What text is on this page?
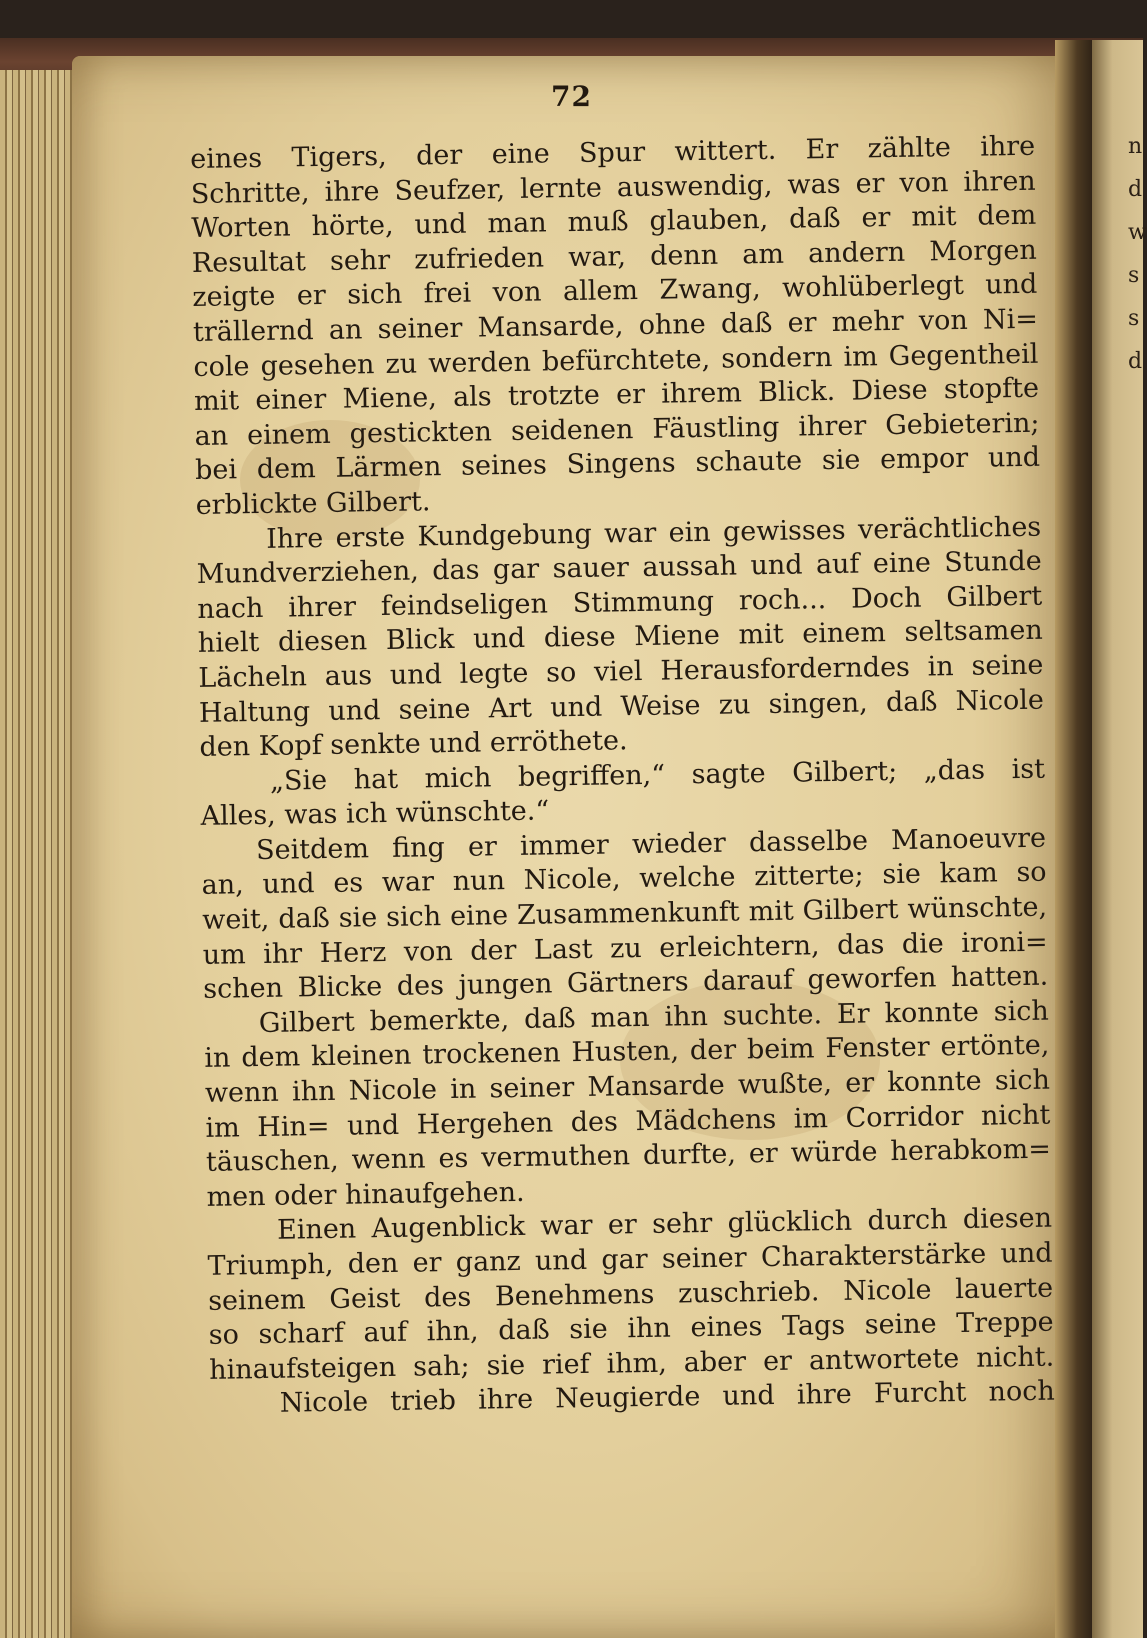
n
d
w
s
s
d
72
eines Tigers, der eine Spur wittert. Er zählte ihre
Schritte, ihre Seufzer, lernte auswendig, was er von ihren
Worten hörte, und man muß glauben, daß er mit dem
Resultat sehr zufrieden war, denn am andern Morgen
zeigte er sich frei von allem Zwang, wohlüberlegt und
trällernd an seiner Mansarde, ohne daß er mehr von Ni=
cole gesehen zu werden befürchtete, sondern im Gegentheil
mit einer Miene, als trotzte er ihrem Blick. Diese stopfte
an einem gestickten seidenen Fäustling ihrer Gebieterin;
bei dem Lärmen seines Singens schaute sie empor und
erblickte Gilbert.
Ihre erste Kundgebung war ein gewisses verächtliches
Mundverziehen, das gar sauer aussah und auf eine Stunde
nach ihrer feindseligen Stimmung roch... Doch Gilbert
hielt diesen Blick und diese Miene mit einem seltsamen
Lächeln aus und legte so viel Herausforderndes in seine
Haltung und seine Art und Weise zu singen, daß Nicole
den Kopf senkte und erröthete.
„Sie hat mich begriffen,“ sagte Gilbert; „das ist
Alles, was ich wünschte.“
Seitdem fing er immer wieder dasselbe Manoeuvre
an, und es war nun Nicole, welche zitterte; sie kam so
weit, daß sie sich eine Zusammenkunft mit Gilbert wünschte,
um ihr Herz von der Last zu erleichtern, das die ironi=
schen Blicke des jungen Gärtners darauf geworfen hatten.
Gilbert bemerkte, daß man ihn suchte. Er konnte sich
in dem kleinen trockenen Husten, der beim Fenster ertönte,
wenn ihn Nicole in seiner Mansarde wußte, er konnte sich
im Hin= und Hergehen des Mädchens im Corridor nicht
täuschen, wenn es vermuthen durfte, er würde herabkom=
men oder hinaufgehen.
Einen Augenblick war er sehr glücklich durch diesen
Triumph, den er ganz und gar seiner Charakterstärke und
seinem Geist des Benehmens zuschrieb. Nicole lauerte
so scharf auf ihn, daß sie ihn eines Tags seine Treppe
hinaufsteigen sah; sie rief ihm, aber er antwortete nicht.
Nicole trieb ihre Neugierde und ihre Furcht noch
